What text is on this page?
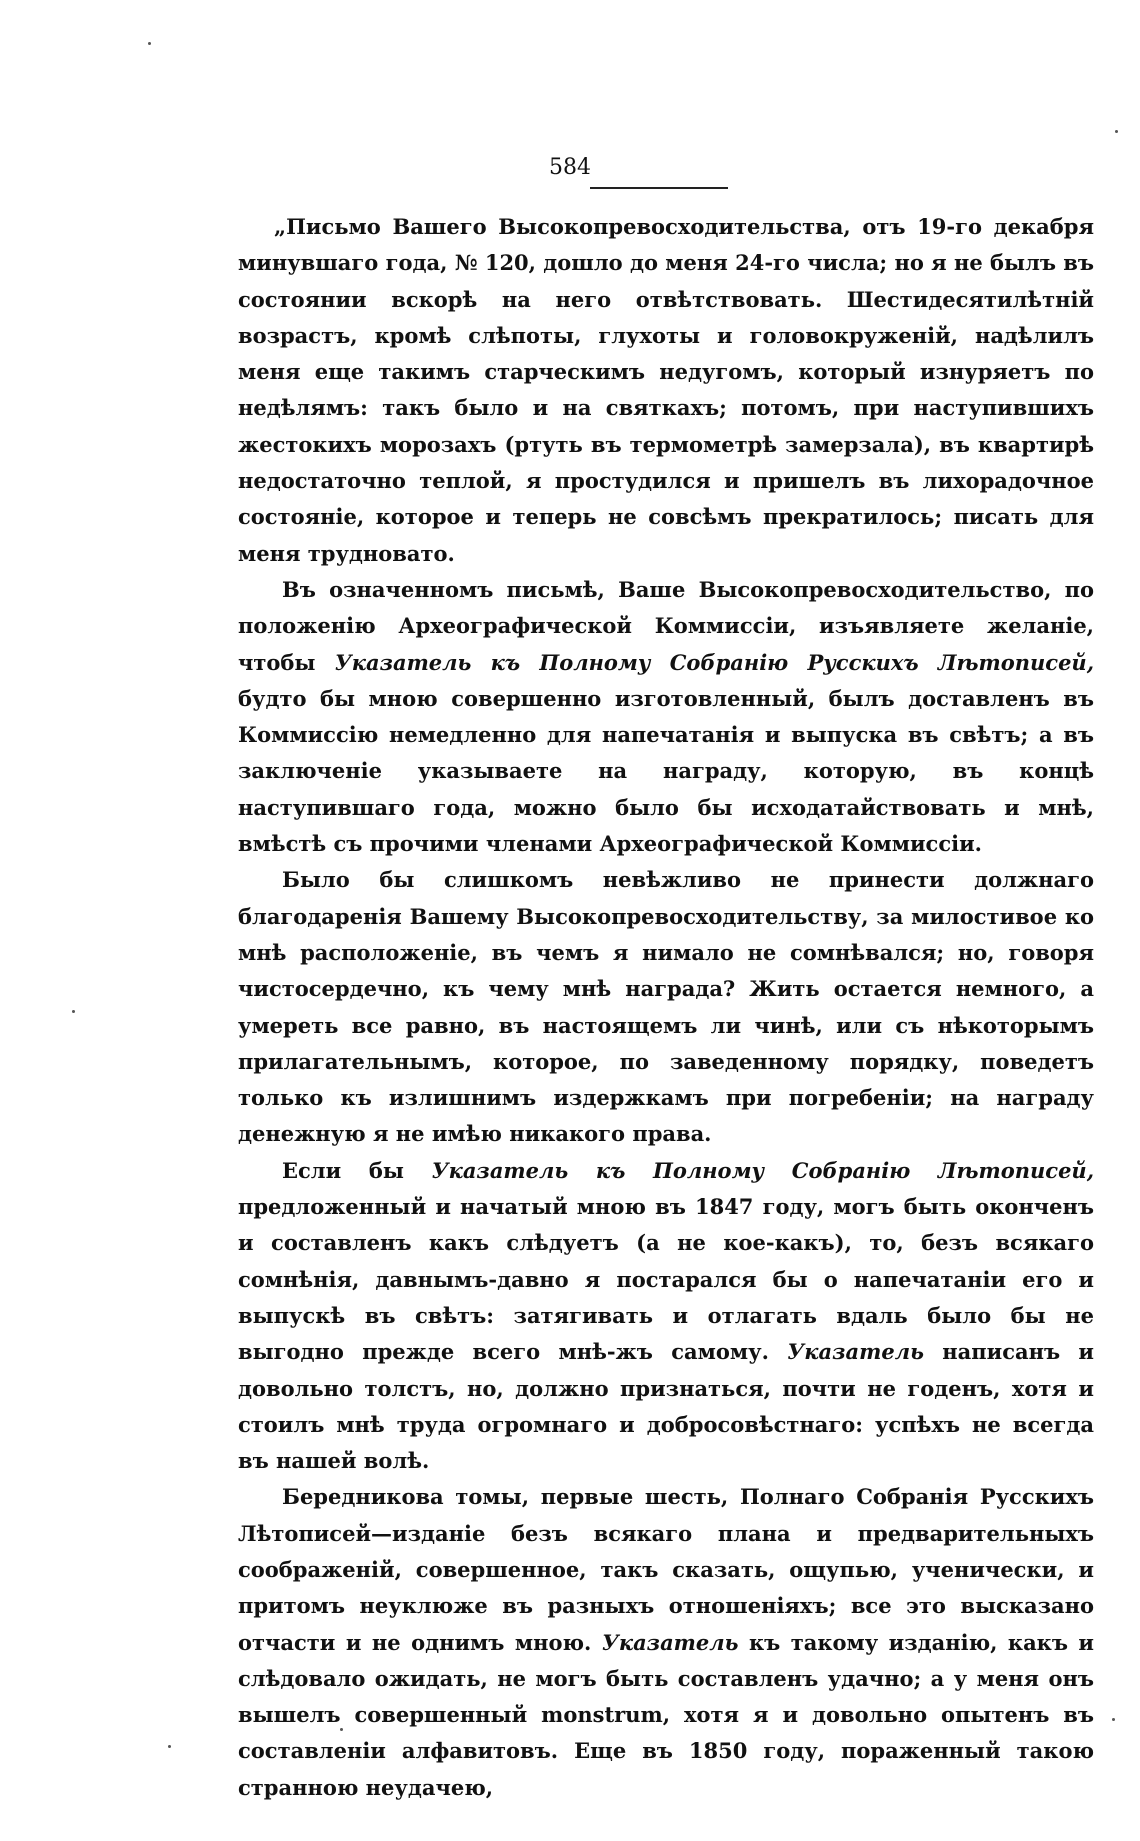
584

„Письмо Вашего Высокопревосходительства, отъ 19-го декабря минувшаго года, № 120, дошло до меня 24-го числа; но я не былъ въ состоянии вскорѣ на него отвѣтствовать. Шестидесятилѣтній возрастъ, кромѣ слѣпоты, глухоты и головокруженій, надѣлилъ меня еще такимъ старческимъ недугомъ, который изнуряетъ по недѣлямъ: такъ было и на святкахъ; потомъ, при наступившихъ жестокихъ морозахъ (ртуть въ термометрѣ замерзала), въ квартирѣ недостаточно теплой, я простудился и пришелъ въ лихорадочное состояніе, которое и теперь не совсѣмъ прекратилось; писать для меня трудновато.

Въ означенномъ письмѣ, Ваше Высокопревосходительство, по положенію Археографической Коммиссіи, изъявляете желаніе, чтобы Указатель къ Полному Собранію Русскихъ Лѣтописей, будто бы мною совершенно изготовленный, былъ доставленъ въ Коммиссію немедленно для напечатанія и выпуска въ свѣтъ; а въ заключеніе указываете на награду, которую, въ концѣ наступившаго года, можно было бы исходатайствовать и мнѣ, вмѣстѣ съ прочими членами Археографической Коммиссіи.

Было бы слишкомъ невѣжливо не принести должнаго благодаренія Вашему Высокопревосходительству, за милостивое ко мнѣ расположеніе, въ чемъ я нимало не сомнѣвался; но, говоря чистосердечно, къ чему мнѣ награда? Жить остается немного, а умереть все равно, въ настоящемъ ли чинѣ, или съ нѣкоторымъ прилагательнымъ, которое, по заведенному порядку, поведетъ только къ излишнимъ издержкамъ при погребеніи; на награду денежную я не имѣю никакого права.

Если бы Указатель къ Полному Собранію Лѣтописей, предложенный и начатый мною въ 1847 году, могъ быть оконченъ и составленъ какъ слѣдуетъ (а не кое-какъ), то, безъ всякаго сомнѣнія, давнымъ-давно я постарался бы о напечатаніи его и выпускѣ въ свѣтъ: затягивать и отлагать вдаль было бы не выгодно прежде всего мнѣ-жъ самому. Указатель написанъ и довольно толстъ, но, должно признаться, почти не годенъ, хотя и стоилъ мнѣ труда огромнаго и добросовѣстнаго: успѣхъ не всегда въ нашей волѣ.

Бередникова томы, первые шесть, Полнаго Собранія Русскихъ Лѣтописей—изданіе безъ всякаго плана и предварительныхъ соображеній, совершенное, такъ сказать, ощупью, ученически, и притомъ неуклюже въ разныхъ отношеніяхъ; все это высказано отчасти и не однимъ мною. Указатель къ такому изданію, какъ и слѣдовало ожидать, не могъ быть составленъ удачно; а у меня онъ вышелъ совершенный monstrum, хотя я и довольно опытенъ въ составленіи алфавитовъ. Еще въ 1850 году, пораженный такою странною неудачею,
